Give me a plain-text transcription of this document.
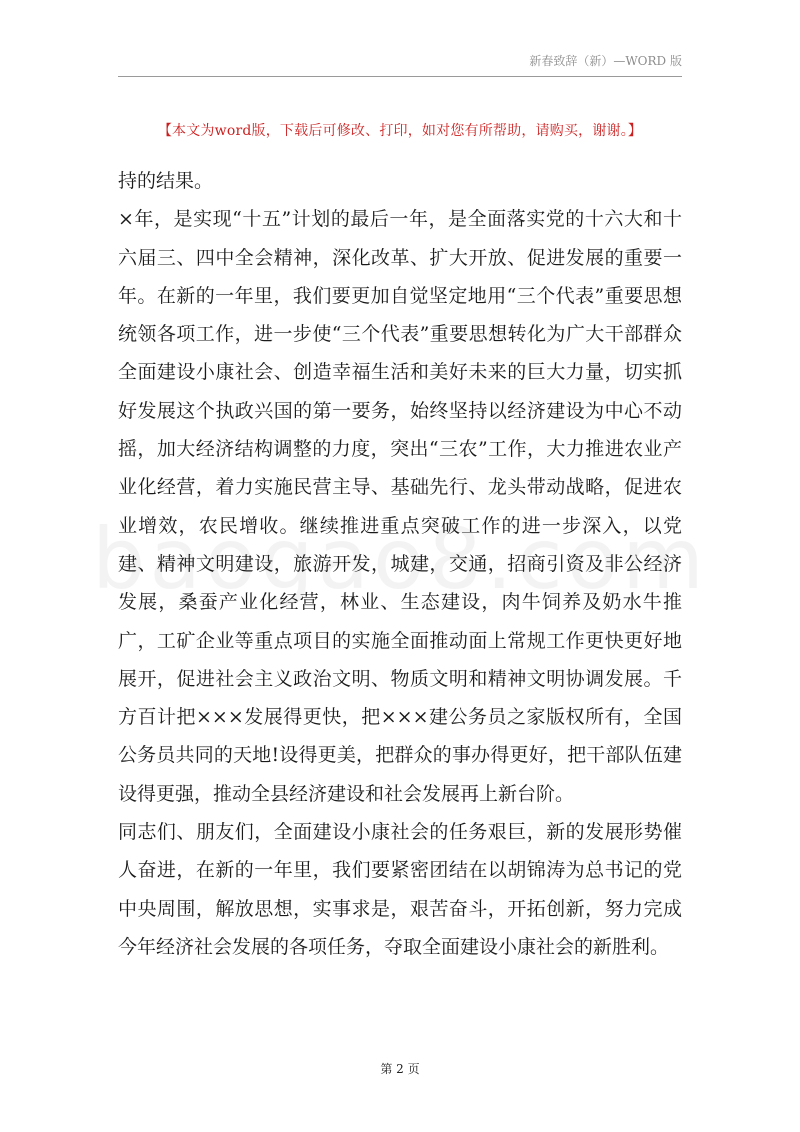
新春致辞（新）—WORD 版
【本文为word版，下载后可修改、打印，如对您有所帮助，请购买，谢谢。】

持的结果。

×年，是实现“十五”计划的最后一年，是全面落实党的十六大和十六届三、四中全会精神，深化改革、扩大开放、促进发展的重要一年。在新的一年里，我们要更加自觉坚定地用“三个代表”重要思想统领各项工作，进一步使“三个代表”重要思想转化为广大干部群众全面建设小康社会、创造幸福生活和美好未来的巨大力量，切实抓好发展这个执政兴国的第一要务，始终坚持以经济建设为中心不动摇，加大经济结构调整的力度，突出“三农”工作，大力推进农业产业化经营，着力实施民营主导、基础先行、龙头带动战略，促进农业增效，农民增收。继续推进重点突破工作的进一步深入，以党建、精神文明建设，旅游开发，城建，交通，招商引资及非公经济发展，桑蚕产业化经营，林业、生态建设，肉牛饲养及奶水牛推广，工矿企业等重点项目的实施全面推动面上常规工作更快更好地展开，促进社会主义政治文明、物质文明和精神文明协调发展。千方百计把×××发展得更快，把×××建公务员之家版权所有，全国公务员共同的天地!设得更美，把群众的事办得更好，把干部队伍建设得更强，推动全县经济建设和社会发展再上新台阶。

同志们、朋友们，全面建设小康社会的任务艰巨，新的发展形势催人奋进，在新的一年里，我们要紧密团结在以胡锦涛为总书记的党中央周围，解放思想，实事求是，艰苦奋斗，开拓创新，努力完成今年经济社会发展的各项任务，夺取全面建设小康社会的新胜利。

第 2 页
